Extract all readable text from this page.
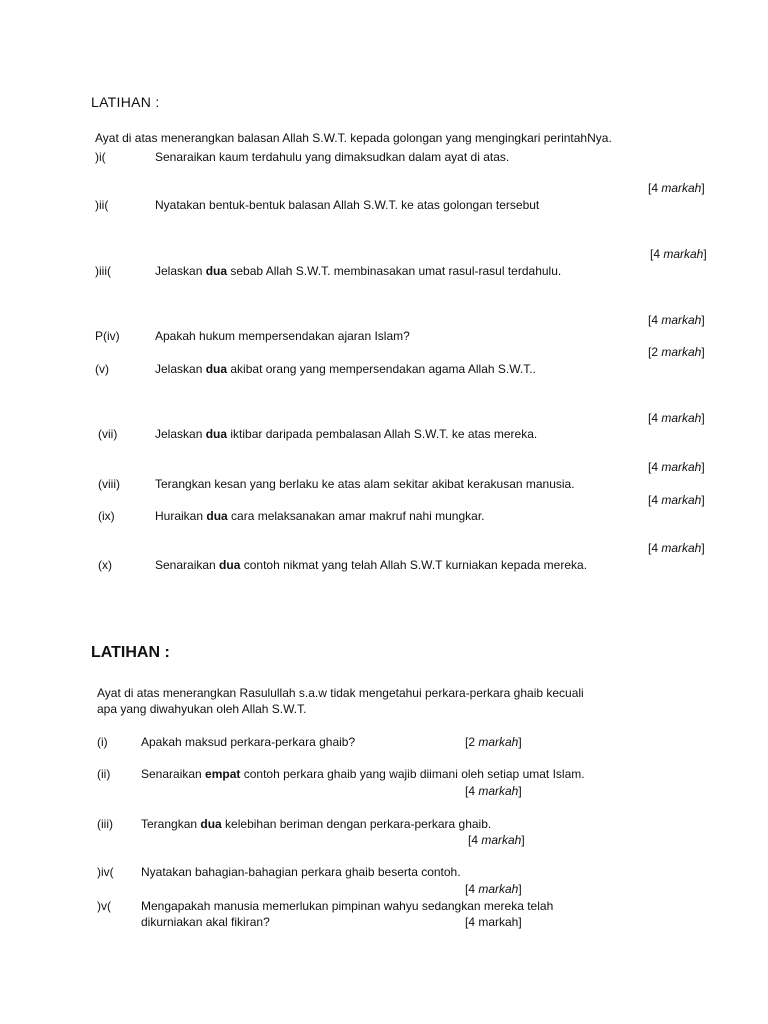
LATIHAN :
Ayat di atas menerangkan balasan Allah S.W.T. kepada golongan yang mengingkari perintahNya.
)i(	Senaraikan kaum terdahulu yang dimaksudkan dalam ayat di atas.
[4 markah]
)ii(	Nyatakan bentuk-bentuk balasan Allah S.W.T. ke atas golongan tersebut
[4 markah]
)iii(	Jelaskan dua sebab Allah S.W.T. membinasakan umat rasul-rasul terdahulu.
[4 markah]
P(iv)	Apakah hukum mempersendakan ajaran Islam?
[2 markah]
(v)	Jelaskan dua akibat orang yang mempersendakan agama Allah S.W.T..
[4 markah]
(vii)	Jelaskan dua iktibar daripada pembalasan Allah S.W.T. ke atas mereka.
[4 markah]
(viii)	Terangkan kesan yang berlaku ke atas alam sekitar akibat kerakusan manusia.
[4 markah]
(ix)	Huraikan dua cara melaksanakan amar makruf nahi mungkar.
[4 markah]
(x)	Senaraikan dua contoh nikmat yang telah Allah S.W.T kurniakan kepada mereka.
LATIHAN :
Ayat di atas menerangkan Rasulullah s.a.w tidak mengetahui perkara-perkara ghaib kecuali
apa yang diwahyukan oleh Allah S.W.T.
(i)	Apakah maksud perkara-perkara ghaib?	[2 markah]
(ii)	Senaraikan empat contoh perkara ghaib yang wajib diimani oleh setiap umat Islam.
[4 markah]
(iii) Terangkan dua kelebihan beriman dengan perkara-perkara ghaib.
[4 markah]
)iv( Nyatakan bahagian-bahagian perkara ghaib beserta contoh.
[4 markah]
)v(	Mengapakah manusia memerlukan pimpinan wahyu sedangkan mereka telah
dikurniakan akal fikiran?	[4 markah]
